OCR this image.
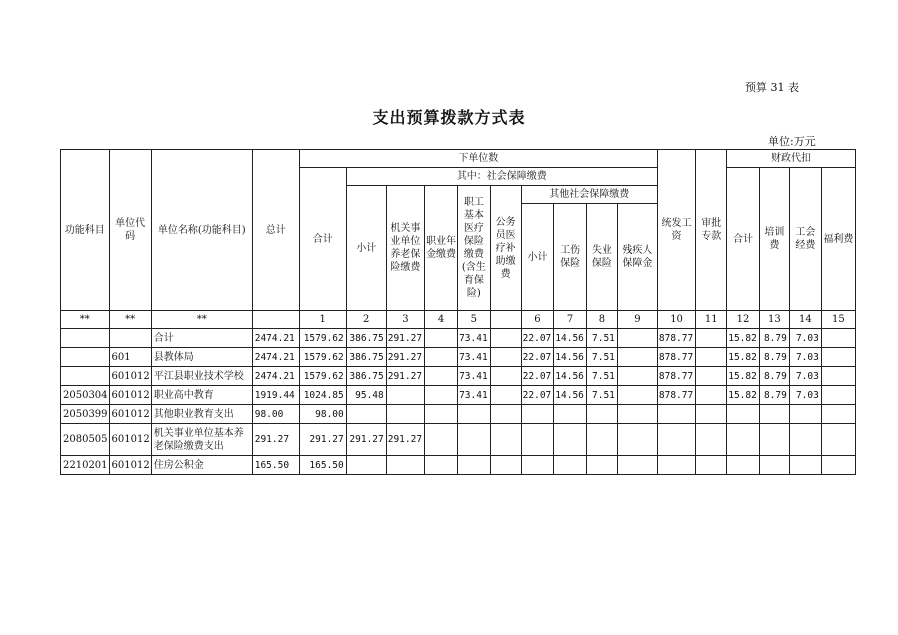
预算 31 表
支出预算拨款方式表
单位:万元
功能科目	单位代码	单位名称(功能科目)	总计	下单位数										统发工资	审批专款	财政代扣			
				合计	其中：社会保障缴费											合计	培训费	工会经费	福利费
					小计	机关事业单位养老保险缴费	职业年金缴费	职工基本医疗保险缴费(含生育保险)	公务员医疗补助缴费	其他社会保障缴费									
										小计	工伤保险	失业保险	残疾人保障金						
**	**	**		1	2	3	4	5		6	7	8	9	10	11	12	13	14	15
		合计	2474.21	1579.62	386.75	291.27		73.41		22.07	14.56	7.51		878.77		15.82	8.79	7.03	
	601	县教体局	2474.21	1579.62	386.75	291.27		73.41		22.07	14.56	7.51		878.77		15.82	8.79	7.03	
	601012	平江县职业技术学校	2474.21	1579.62	386.75	291.27		73.41		22.07	14.56	7.51		878.77		15.82	8.79	7.03	
2050304	601012	职业高中教育	1919.44	1024.85	95.48			73.41		22.07	14.56	7.51		878.77		15.82	8.79	7.03	
2050399	601012	其他职业教育支出	98.00	98.00															
2080505	601012	机关事业单位基本养老保险缴费支出	291.27	291.27	291.27	291.27													
2210201	601012	住房公积金	165.50	165.50															
